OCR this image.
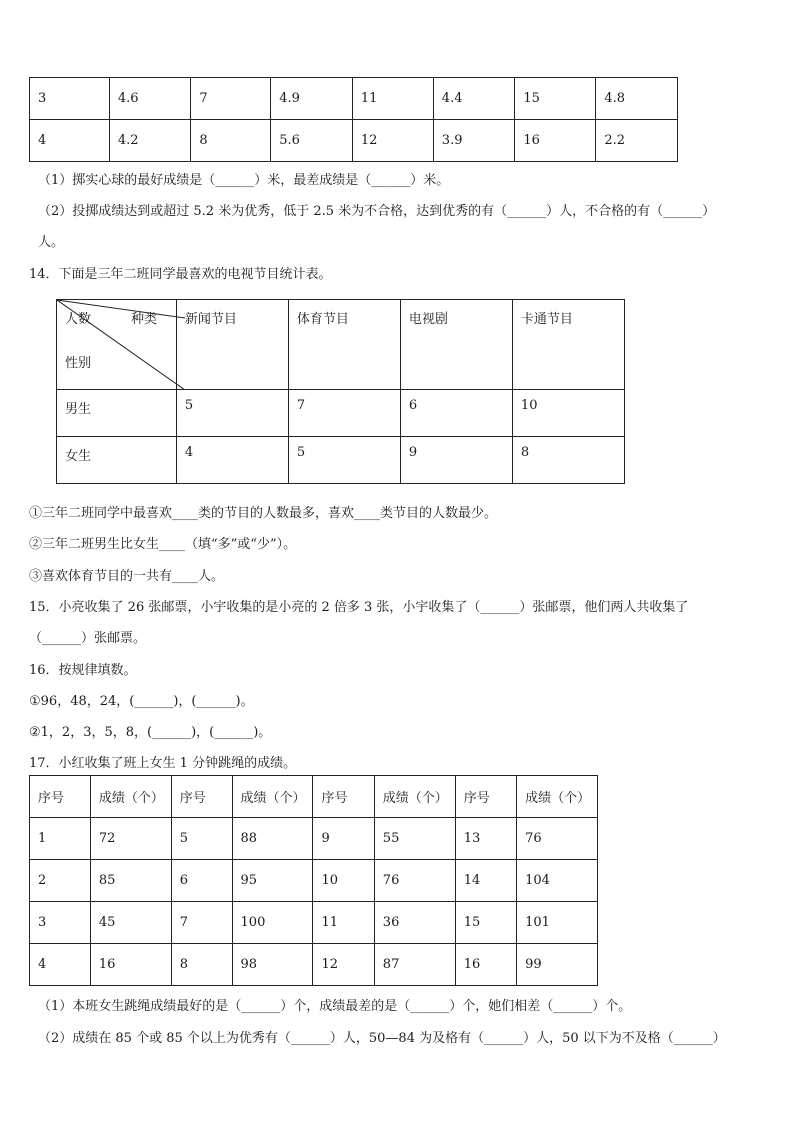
3	4.6	7	4.9	11	4.4	15	4.8
4	4.2	8	5.6	12	3.9	16	2.2
（1）掷实心球的最好成绩是（______）米，最差成绩是（______）米。
（2）投掷成绩达到或超过 5.2 米为优秀，低于 2.5 米为不合格，达到优秀的有（______）人，不合格的有（______）
人。
14．下面是三年二班同学最喜欢的电视节目统计表。
人数 种类
性别	新闻节目	体育节目	电视剧	卡通节目
男生	5	7	6	10
女生	4	5	9	8
①三年二班同学中最喜欢____类的节目的人数最多，喜欢____类节目的人数最少。
②三年二班男生比女生____（填“多”或“少”）。
③喜欢体育节目的一共有____人。
15．小亮收集了 26 张邮票，小宇收集的是小亮的 2 倍多 3 张，小宇收集了（______）张邮票，他们两人共收集了
（______）张邮票。
16．按规律填数。
①96，48，24，(______)，(______)。
②1，2，3，5，8，(______)，(______)。
17．小红收集了班上女生 1 分钟跳绳的成绩。
序号	成绩（个）	序号	成绩（个）	序号	成绩（个）	序号	成绩（个）
1	72	5	88	9	55	13	76
2	85	6	95	10	76	14	104
3	45	7	100	11	36	15	101
4	16	8	98	12	87	16	99
（1）本班女生跳绳成绩最好的是（______）个，成绩最差的是（______）个，她们相差（______）个。
（2）成绩在 85 个或 85 个以上为优秀有（______）人，50—84 为及格有（______）人，50 以下为不及格（______）
